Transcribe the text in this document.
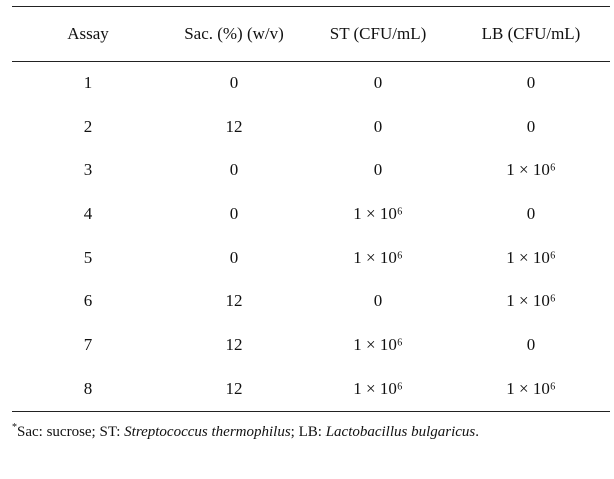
Assay	Sac. (%) (w/v)	ST (CFU/mL)	LB (CFU/mL)
1	0	0	0
2	12	0	0
3	0	0	1 × 10⁶
4	0	1 × 10⁶	0
5	0	1 × 10⁶	1 × 10⁶
6	12	0	1 × 10⁶
7	12	1 × 10⁶	0
8	12	1 × 10⁶	1 × 10⁶
*Sac: sucrose; ST: Streptococcus thermophilus; LB: Lactobacillus bulgaricus.
